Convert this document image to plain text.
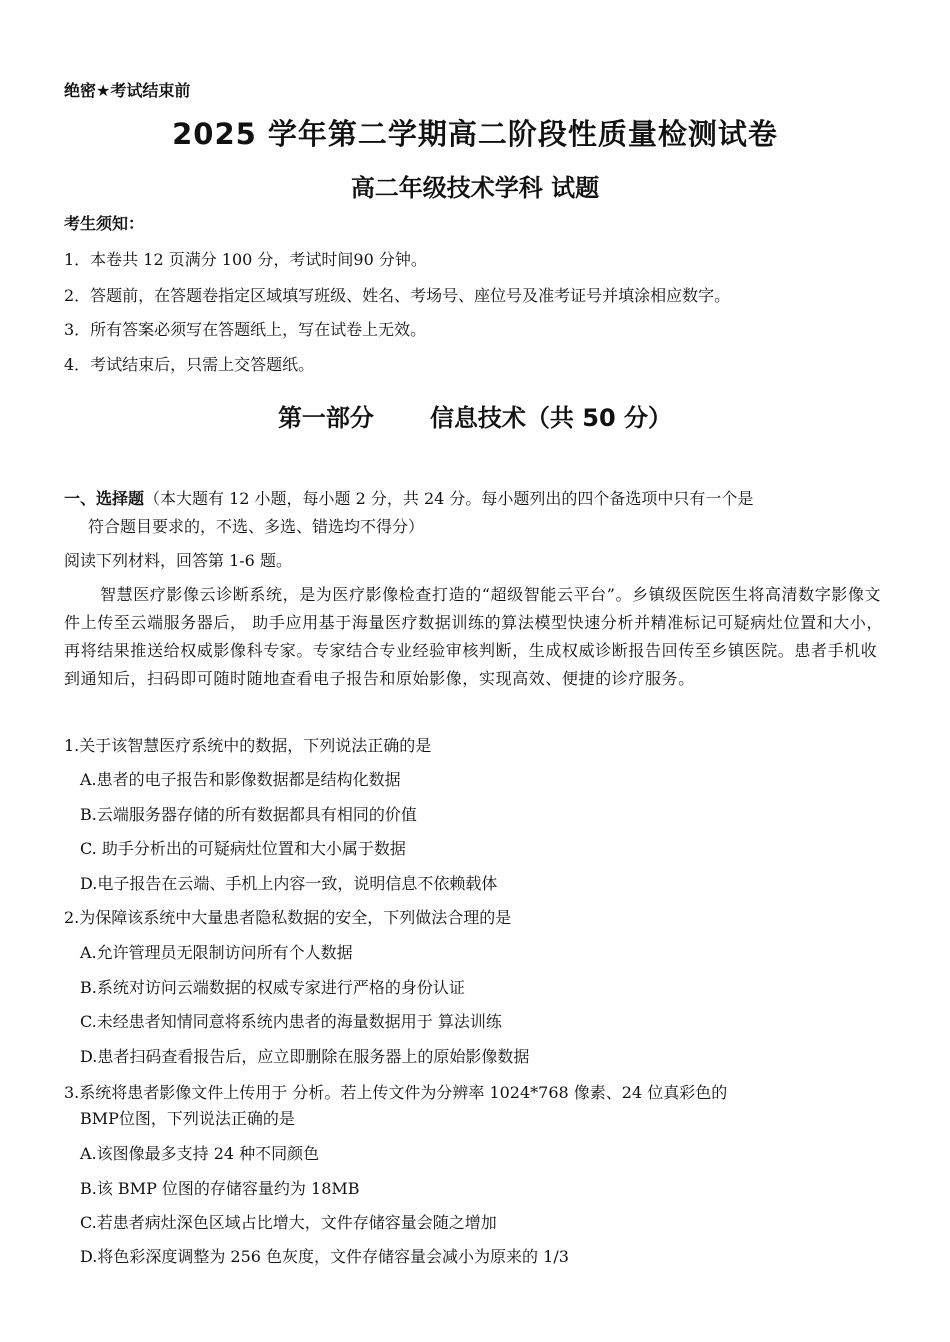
绝密★考试结束前
2025 学年第二学期高二阶段性质量检测试卷
高二年级技术学科 试题
考生须知：
1．本卷共 12 页满分 100 分，考试时间90 分钟。
2．答题前，在答题卷指定区域填写班级、姓名、考场号、座位号及准考证号并填涂相应数字。
3．所有答案必须写在答题纸上，写在试卷上无效。
4．考试结束后，只需上交答题纸。
第一部分 信息技术（共 50 分）
一、选择题（本大题有 12 小题，每小题 2 分，共 24 分。每小题列出的四个备选项中只有一个是
符合题目要求的，不选、多选、错选均不得分）
阅读下列材料，回答第 1-6 题。
智慧医疗影像云诊断系统，是为医疗影像检查打造的“超级智能云平台”。乡镇级医院医生将高清数字影像文件上传至云端服务器后， 助手应用基于海量医疗数据训练的算法模型快速分析并精准标记可疑病灶位置和大小，再将结果推送给权威影像科专家。专家结合专业经验审核判断，生成权威诊断报告回传至乡镇医院。患者手机收到通知后，扫码即可随时随地查看电子报告和原始影像，实现高效、便捷的诊疗服务。
1.关于该智慧医疗系统中的数据，下列说法正确的是
A.患者的电子报告和影像数据都是结构化数据
B.云端服务器存储的所有数据都具有相同的价值
C. 助手分析出的可疑病灶位置和大小属于数据
D.电子报告在云端、手机上内容一致，说明信息不依赖载体
2.为保障该系统中大量患者隐私数据的安全，下列做法合理的是
A.允许管理员无限制访问所有个人数据
B.系统对访问云端数据的权威专家进行严格的身份认证
C.未经患者知情同意将系统内患者的海量数据用于 算法训练
D.患者扫码查看报告后，应立即删除在服务器上的原始影像数据
3.系统将患者影像文件上传用于 分析。若上传文件为分辨率 1024*768 像素、24 位真彩色的
BMP位图，下列说法正确的是
A.该图像最多支持 24 种不同颜色
B.该 BMP 位图的存储容量约为 18MB
C.若患者病灶深色区域占比增大，文件存储容量会随之增加
D.将色彩深度调整为 256 色灰度，文件存储容量会减小为原来的 1/3
